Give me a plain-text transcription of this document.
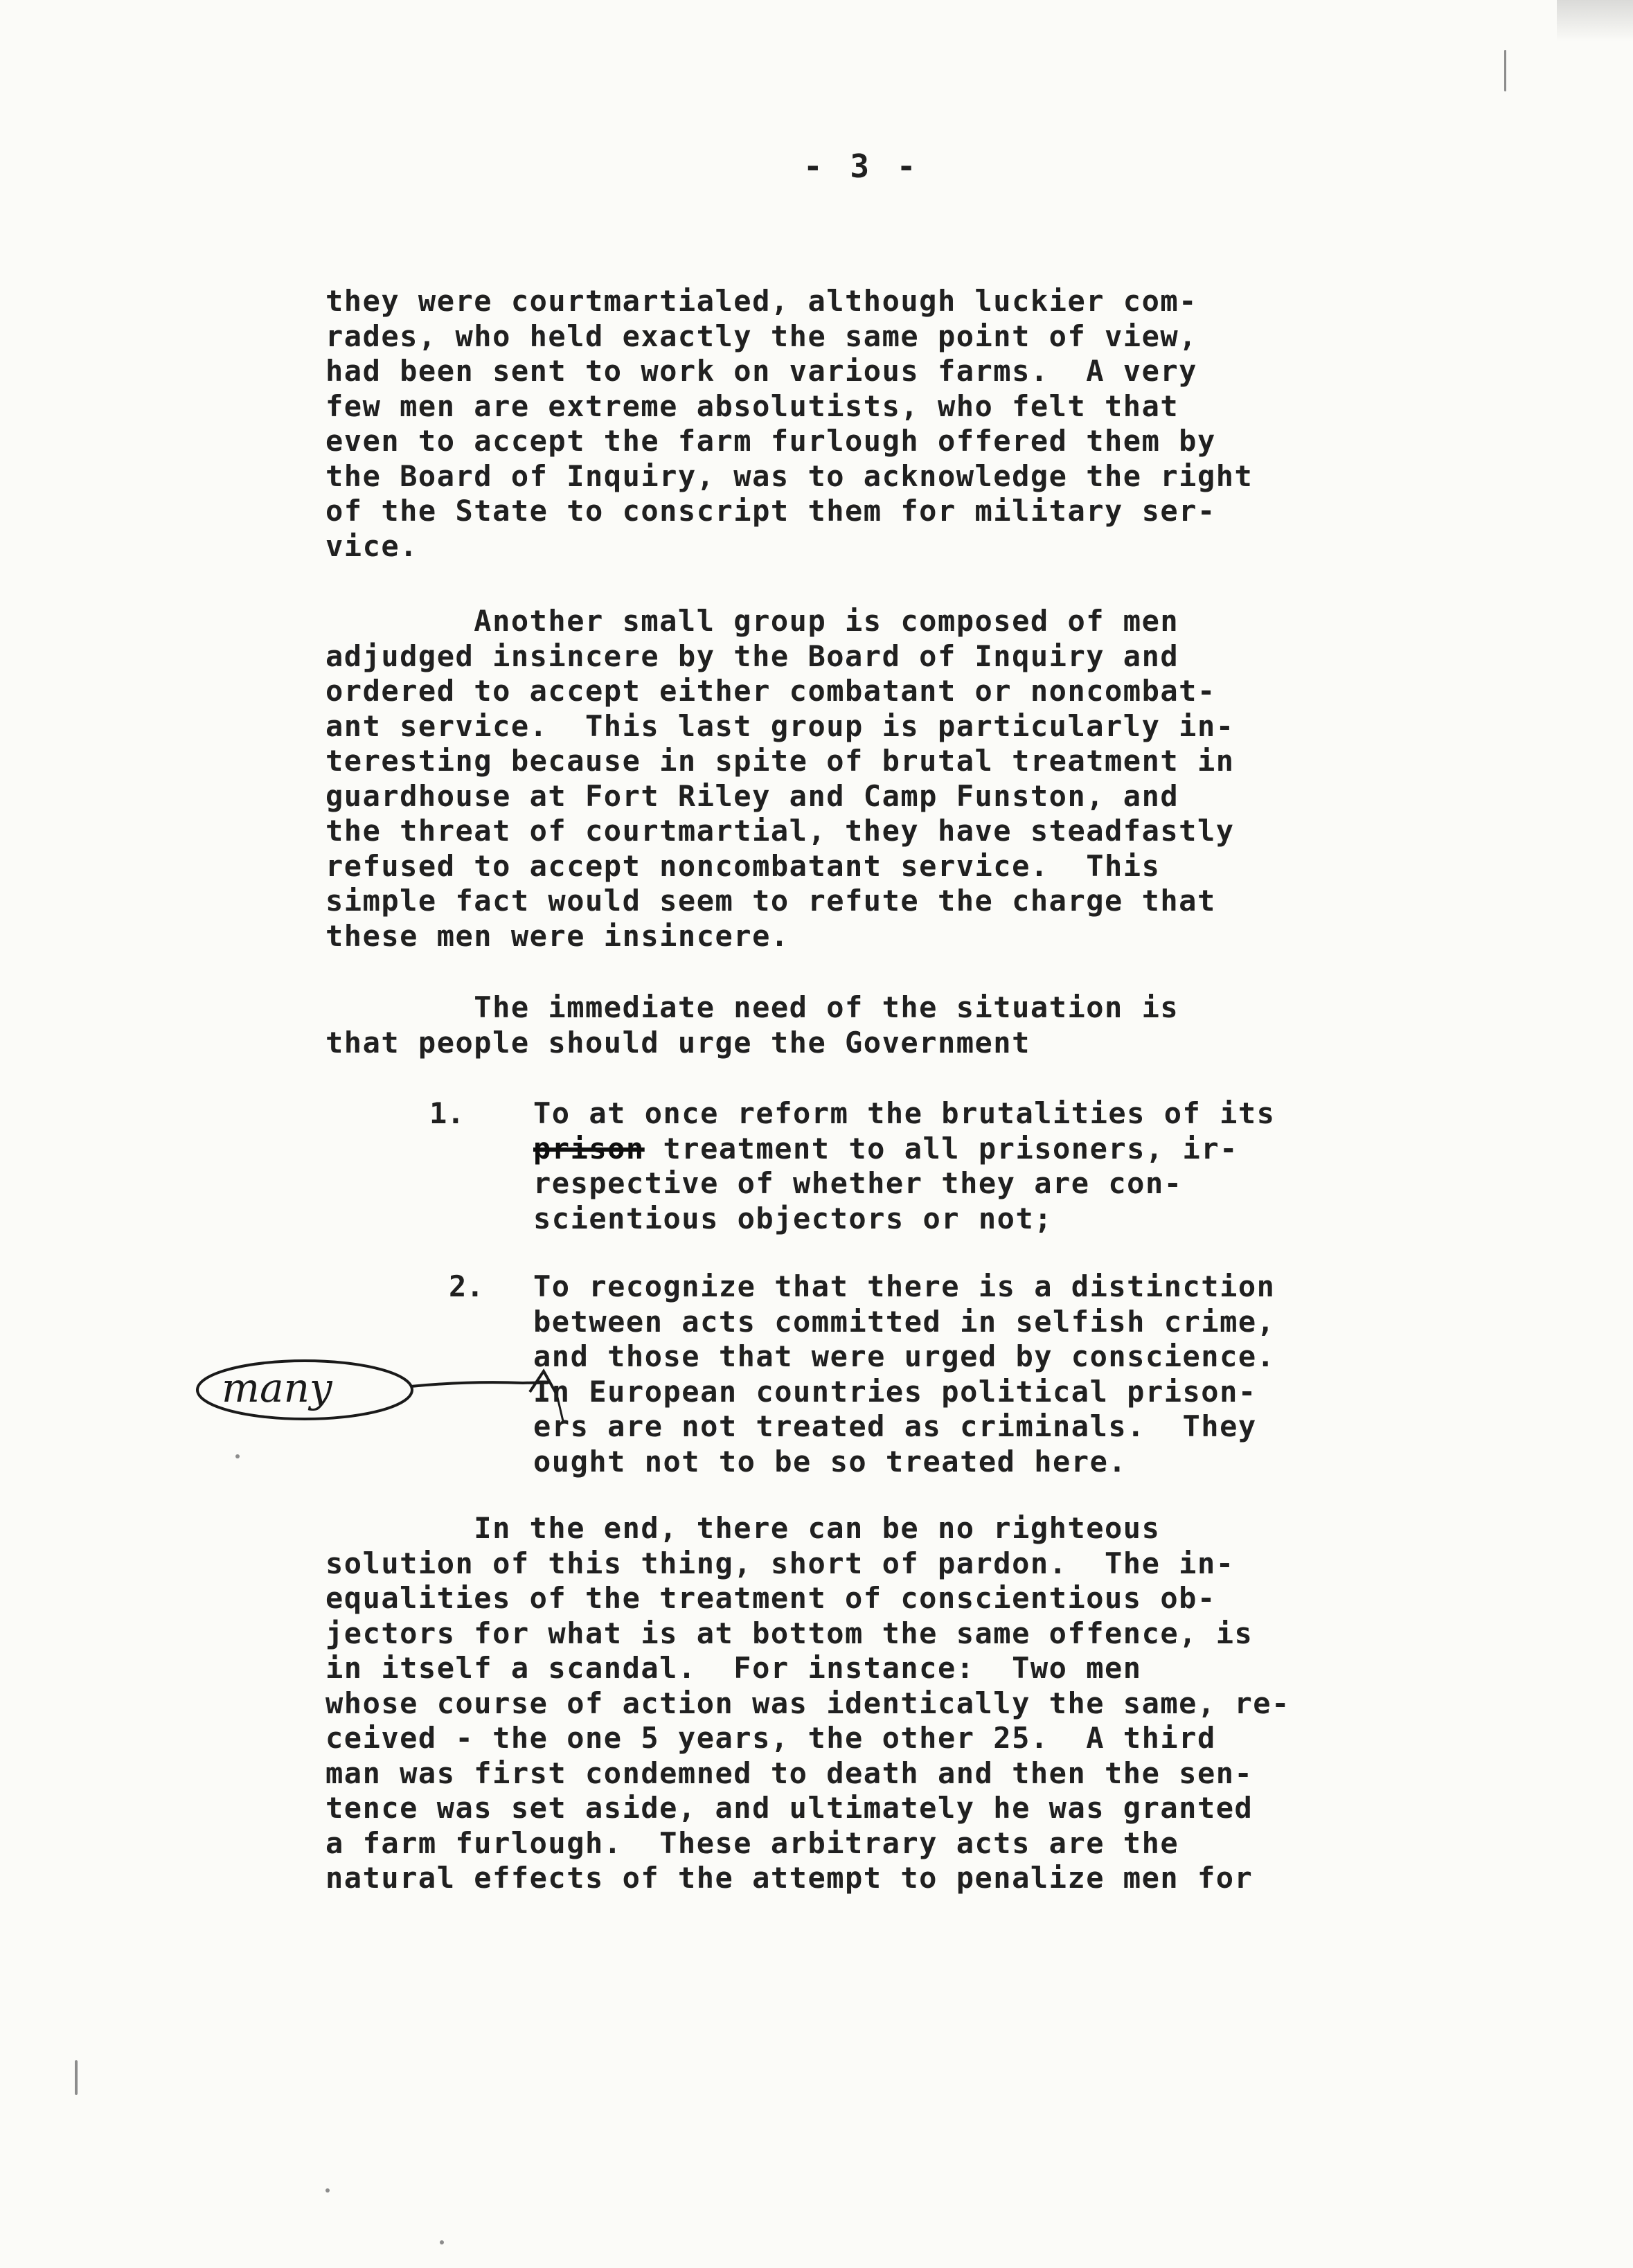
- 3 -
they were courtmartialed, although luckier com-
rades, who held exactly the same point of view,
had been sent to work on various farms.  A very
few men are extreme absolutists, who felt that
even to accept the farm furlough offered them by
the Board of Inquiry, was to acknowledge the right
of the State to conscript them for military ser-
vice.
Another small group is composed of men
adjudged insincere by the Board of Inquiry and
ordered to accept either combatant or noncombat-
ant service.  This last group is particularly in-
teresting because in spite of brutal treatment in
guardhouse at Fort Riley and Camp Funston, and
the threat of courtmartial, they have steadfastly
refused to accept noncombatant service.  This
simple fact would seem to refute the charge that
these men were insincere.
The immediate need of the situation is
that people should urge the Government
1. To at once reform the brutalities of its
prison treatment to all prisoners, ir-
respective of whether they are con-
scientious objectors or not;
2. To recognize that there is a distinction
between acts committed in selfish crime,
and those that were urged by conscience.
In European countries political prison-
ers are not treated as criminals.  They
ought not to be so treated here.
many
In the end, there can be no righteous
solution of this thing, short of pardon.  The in-
equalities of the treatment of conscientious ob-
jectors for what is at bottom the same offence, is
in itself a scandal.  For instance:  Two men
whose course of action was identically the same, re-
ceived - the one 5 years, the other 25.  A third
man was first condemned to death and then the sen-
tence was set aside, and ultimately he was granted
a farm furlough.  These arbitrary acts are the
natural effects of the attempt to penalize men for
